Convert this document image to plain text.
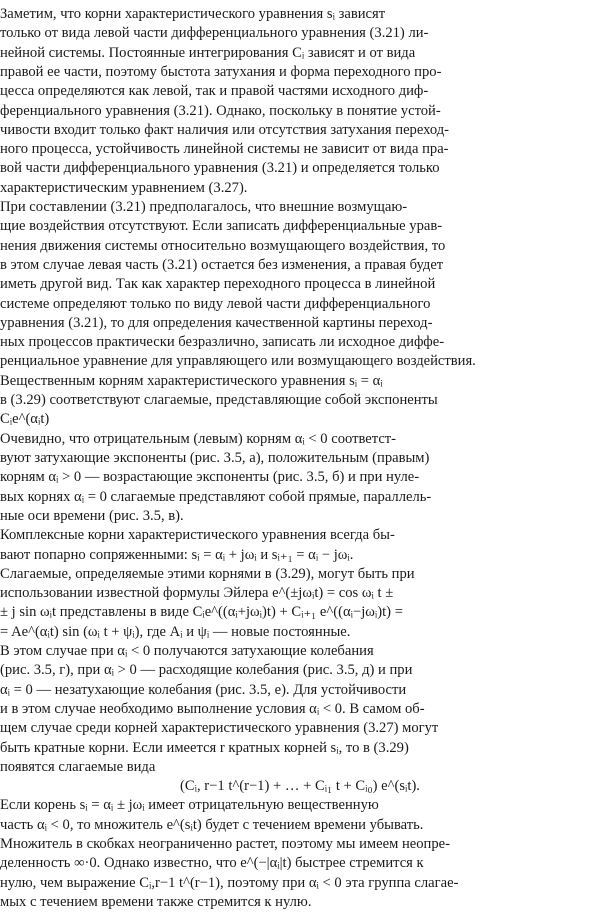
Заметим, что корни характеристического уравнения sᵢ зависят

только от вида левой части дифференциального уравнения (3.21) ли-

нейной системы. Постоянные интегрирования Cᵢ зависят и от вида

правой ее части, поэтому быстота затухания и форма переходного про-

цесса определяются как левой, так и правой частями исходного диф-

ференциального уравнения (3.21). Однако, поскольку в понятие устой-

чивости входит только факт наличия или отсутствия затухания переход-

ного процесса, устойчивость линейной системы не зависит от вида пра-

вой части дифференциального уравнения (3.21) и определяется только

характеристическим уравнением (3.27).

При составлении (3.21) предполагалось, что внешние возмущаю-

щие воздействия отсутствуют. Если записать дифференциальные урав-

нения движения системы относительно возмущающего воздействия, то

в этом случае левая часть (3.21) остается без изменения, а правая будет

иметь другой вид. Так как характер переходного процесса в линейной

системе определяют только по виду левой части дифференциального

уравнения (3.21), то для определения качественной картины переход-

ных процессов практически безразлично, записать ли исходное диффе-

ренциальное уравнение для управляющего или возмущающего воздействия.

Вещественным корням характеристического уравнения sᵢ = αᵢ

в (3.29) соответствуют слагаемые, представляющие собой экспоненты

Cᵢe^(αᵢt)

Очевидно, что отрицательным (левым) корням αᵢ < 0 соответст-

вуют затухающие экспоненты (рис. 3.5, а), положительным (правым)

корням αᵢ > 0 — возрастающие экспоненты (рис. 3.5, б) и при нуле-

вых корнях αᵢ = 0 слагаемые представляют собой прямые, параллель-

ные оси времени (рис. 3.5, в).

Комплексные корни характеристического уравнения всегда бы-

вают попарно сопряженными: sᵢ = αᵢ + jωᵢ и sᵢ₊₁ = αᵢ − jωᵢ.

Слагаемые, определяемые этими корнями в (3.29), могут быть при

использовании известной формулы Эйлера e^(±jωᵢt) = cos ωᵢ t ±

± j sin ωᵢt представлены в виде Cᵢe^((αᵢ+jωᵢ)t) + Cᵢ₊₁ e^((αᵢ−jωᵢ)t) =

= Ae^(αᵢt) sin (ωᵢ t + ψᵢ), где Aᵢ и ψᵢ — новые постоянные.

В этом случае при αᵢ < 0 получаются затухающие колебания

(рис. 3.5, г), при αᵢ > 0 — расходящие колебания (рис. 3.5, д) и при

αᵢ = 0 — незатухающие колебания (рис. 3.5, е). Для устойчивости

и в этом случае необходимо выполнение условия αᵢ < 0. В самом об-

щем случае среди корней характеристического уравнения (3.27) могут

быть кратные корни. Если имеется r кратных корней sᵢ, то в (3.29)

появятся слагаемые вида

(Cᵢ, r−1 t^(r−1) + … + Cᵢ₁ t + Cᵢ₀) e^(sᵢt).

Если корень sᵢ = αᵢ ± jωᵢ имеет отрицательную вещественную

часть αᵢ < 0, то множитель e^(sᵢt) будет с течением времени убывать.

Множитель в скобках неограниченно растет, поэтому мы имеем неопре-

деленность ∞·0. Однако известно, что e^(−|αᵢ|t) быстрее стремится к

нулю, чем выражение Cᵢ,r−1 t^(r−1), поэтому при αᵢ < 0 эта группа слагае-

мых с течением времени также стремится к нулю.
